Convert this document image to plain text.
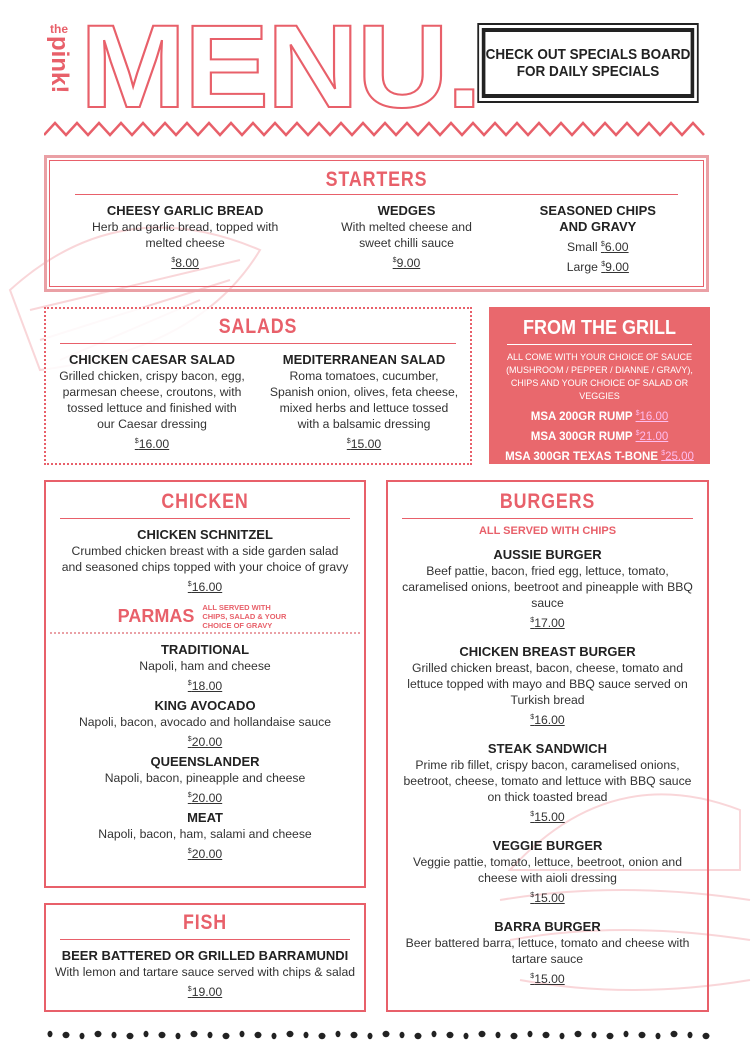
the
pink! MENU. CHECK OUT SPECIALS BOARD
FOR DAILY SPECIALS
STARTERS
CHEESY GARLIC BREAD
Herb and garlic bread, topped with melted cheese
$8.00
WEDGES
With melted cheese and sweet chilli sauce
$9.00
SEASONED CHIPS AND GRAVY
Small $6.00
Large $9.00
SALADS
CHICKEN CAESAR SALAD
Grilled chicken, crispy bacon, egg, parmesan cheese, croutons, with tossed lettuce and finished with our Caesar dressing
$16.00
MEDITERRANEAN SALAD
Roma tomatoes, cucumber, Spanish onion, olives, feta cheese, mixed herbs and lettuce tossed with a balsamic dressing
$15.00
FROM THE GRILL
ALL COME WITH YOUR CHOICE OF SAUCE (MUSHROOM / PEPPER / DIANNE / GRAVY), CHIPS AND YOUR CHOICE OF SALAD OR VEGGIES
MSA 200GR RUMP $16.00
MSA 300GR RUMP $21.00
MSA 300GR TEXAS T-BONE $25.00
CHICKEN
CHICKEN SCHNITZEL
Crumbed chicken breast with a side garden salad and seasoned chips topped with your choice of gravy
$16.00
PARMAS ALL SERVED WITH CHIPS, SALAD & YOUR CHOICE OF GRAVY
TRADITIONAL
Napoli, ham and cheese
$18.00
KING AVOCADO
Napoli, bacon, avocado and hollandaise sauce
$20.00
QUEENSLANDER
Napoli, bacon, pineapple and cheese
$20.00
MEAT
Napoli, bacon, ham, salami and cheese
$20.00
FISH
BEER BATTERED OR GRILLED BARRAMUNDI
With lemon and tartare sauce served with chips & salad
$19.00
BURGERS
ALL SERVED WITH CHIPS
AUSSIE BURGER
Beef pattie, bacon, fried egg, lettuce, tomato, caramelised onions, beetroot and pineapple with BBQ sauce
$17.00
CHICKEN BREAST BURGER
Grilled chicken breast, bacon, cheese, tomato and lettuce topped with mayo and BBQ sauce served on Turkish bread
$16.00
STEAK SANDWICH
Prime rib fillet, crispy bacon, caramelised onions, beetroot, cheese, tomato and lettuce with BBQ sauce on thick toasted bread
$15.00
VEGGIE BURGER
Veggie pattie, tomato, lettuce, beetroot, onion and cheese with aioli dressing
$15.00
BARRA BURGER
Beer battered barra, lettuce, tomato and cheese with tartare sauce
$15.00
